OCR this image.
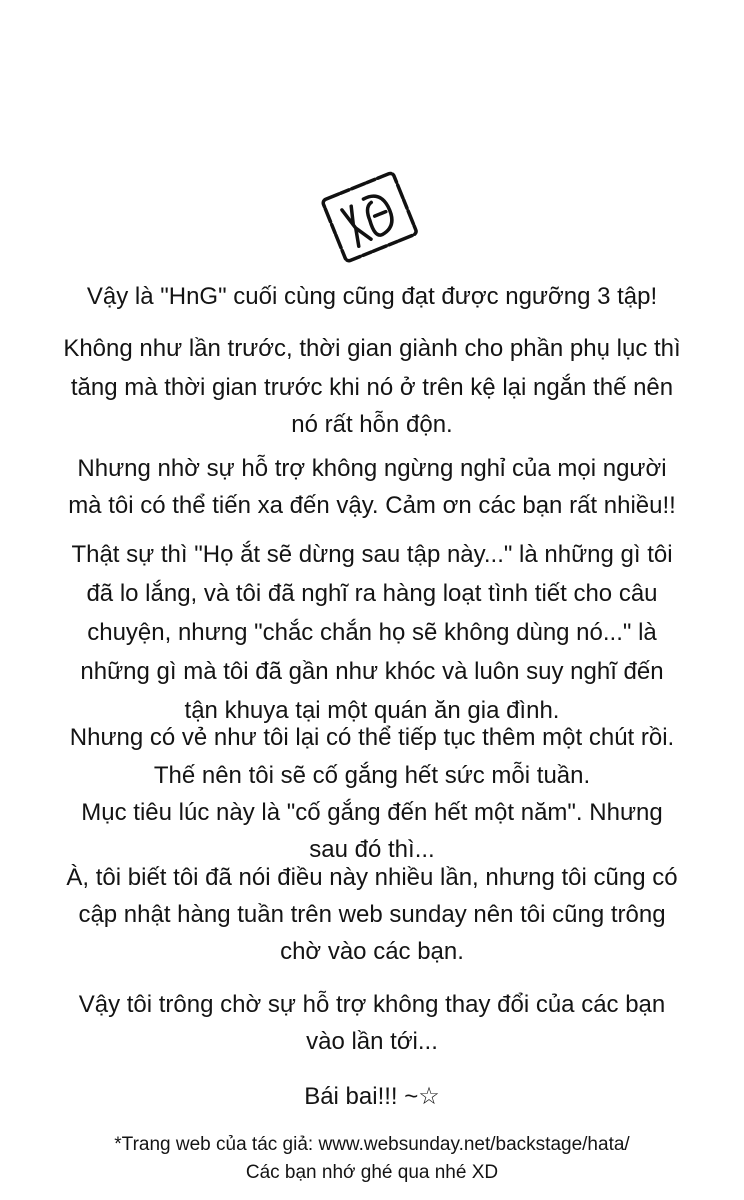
Vậy là "HnG" cuối cùng cũng đạt được ngưỡng 3 tập!
Không như lần trước, thời gian giành cho phần phụ lục thì
tăng mà thời gian trước khi nó ở trên kệ lại ngắn thế nên
nó rất hỗn độn.
Nhưng nhờ sự hỗ trợ không ngừng nghỉ của mọi người
mà tôi có thể tiến xa đến vậy. Cảm ơn các bạn rất nhiều!!
Thật sự thì "Họ ắt sẽ dừng sau tập này..." là những gì tôi
đã lo lắng, và tôi đã nghĩ ra hàng loạt tình tiết cho câu
chuyện, nhưng "chắc chắn họ sẽ không dùng nó..." là
những gì mà tôi đã gần như khóc và luôn suy nghĩ đến
tận khuya tại một quán ăn gia đình.
Nhưng có vẻ như tôi lại có thể tiếp tục thêm một chút rồi.
Thế nên tôi sẽ cố gắng hết sức mỗi tuần.
Mục tiêu lúc này là "cố gắng đến hết một năm". Nhưng
sau đó thì...
À, tôi biết tôi đã nói điều này nhiều lần, nhưng tôi cũng có
cập nhật hàng tuần trên web sunday nên tôi cũng trông
chờ vào các bạn.
Vậy tôi trông chờ sự hỗ trợ không thay đổi của các bạn
vào lần tới...
Bái bai!!! ~☆
*Trang web của tác giả: www.websunday.net/backstage/hata/
Các bạn nhớ ghé qua nhé XD
